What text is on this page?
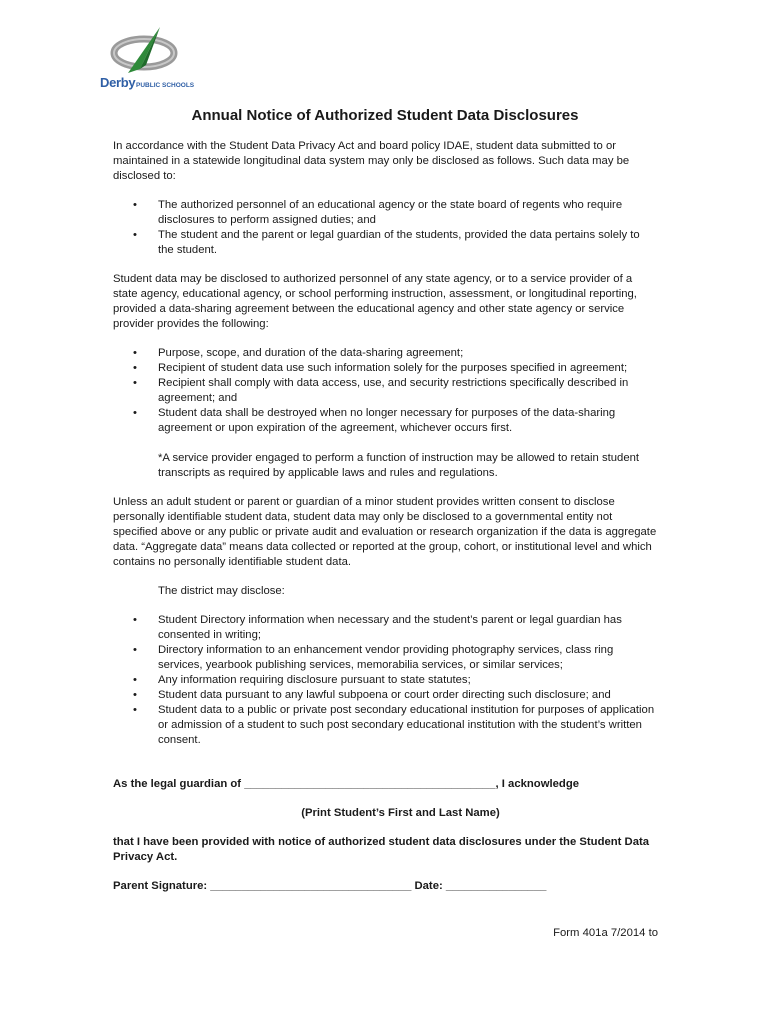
Derby PUBLIC SCHOOLS
Annual Notice of Authorized Student Data Disclosures

In accordance with the Student Data Privacy Act and board policy IDAE, student data submitted to or maintained in a statewide longitudinal data system may only be disclosed as follows. Such data may be disclosed to:

• The authorized personnel of an educational agency or the state board of regents who require disclosures to perform assigned duties; and
• The student and the parent or legal guardian of the students, provided the data pertains solely to the student.

Student data may be disclosed to authorized personnel of any state agency, or to a service provider of a state agency, educational agency, or school performing instruction, assessment, or longitudinal reporting, provided a data-sharing agreement between the educational agency and other state agency or service provider provides the following:

• Purpose, scope, and duration of the data-sharing agreement;
• Recipient of student data use such information solely for the purposes specified in agreement;
• Recipient shall comply with data access, use, and security restrictions specifically described in agreement; and
• Student data shall be destroyed when no longer necessary for purposes of the data-sharing agreement or upon expiration of the agreement, whichever occurs first.

*A service provider engaged to perform a function of instruction may be allowed to retain student transcripts as required by applicable laws and rules and regulations.

Unless an adult student or parent or guardian of a minor student provides written consent to disclose personally identifiable student data, student data may only be disclosed to a governmental entity not specified above or any public or private audit and evaluation or research organization if the data is aggregate data. “Aggregate data” means data collected or reported at the group, cohort, or institutional level and which contains no personally identifiable student data.

The district may disclose:

• Student Directory information when necessary and the student’s parent or legal guardian has consented in writing;
• Directory information to an enhancement vendor providing photography services, class ring services, yearbook publishing services, memorabilia services, or similar services;
• Any information requiring disclosure pursuant to state statutes;
• Student data pursuant to any lawful subpoena or court order directing such disclosure; and
• Student data to a public or private post secondary educational institution for purposes of application or admission of a student to such post secondary educational institution with the student’s written consent.

As the legal guardian of ________________________________________, I acknowledge

(Print Student’s First and Last Name)

that I have been provided with notice of authorized student data disclosures under the Student Data Privacy Act.

Parent Signature: ________________________________ Date: ________________

Form 401a 7/2014 to
